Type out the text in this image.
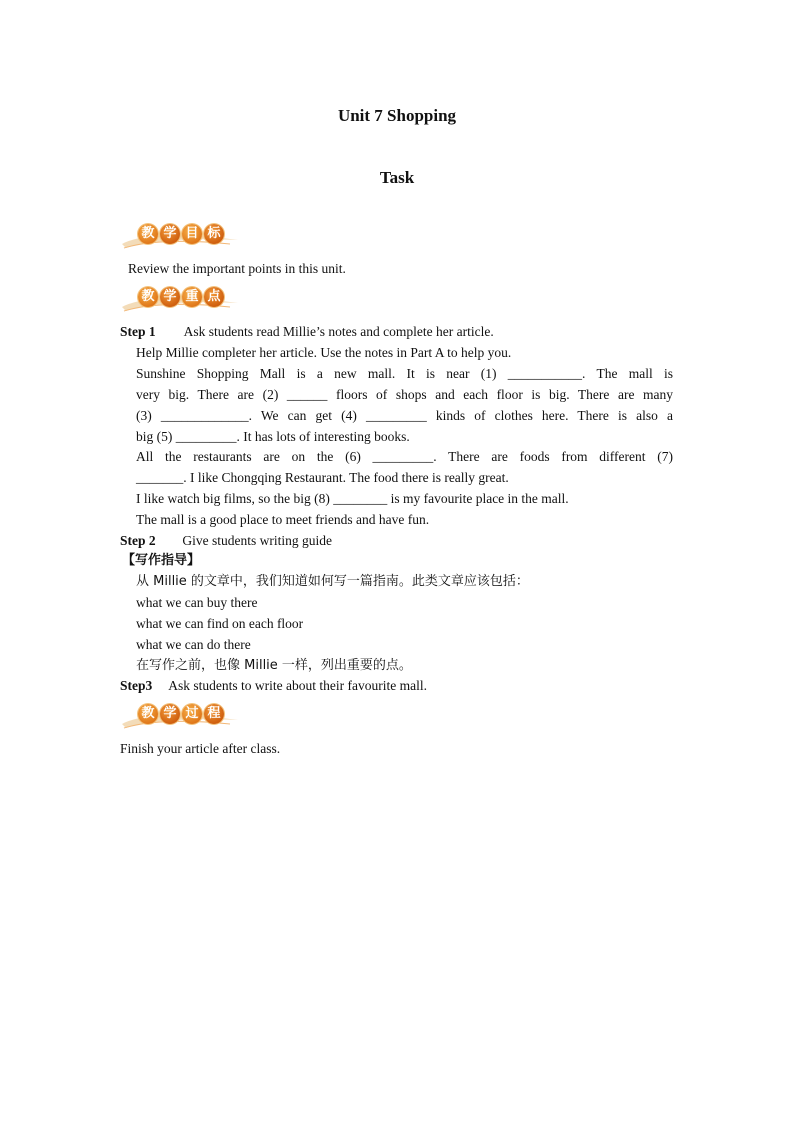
Unit 7 Shopping
Task
教 学 目 标
Review the important points in this unit.
教 学 重 点
Step 1 Ask students read Millie’s notes and complete her article.
Help Millie completer her article. Use the notes in Part A to help you.
Sunshine Shopping Mall is a new mall. It is near (1) ___________. The mall is
very big. There are (2) ______ floors of shops and each floor is big. There are many
(3) _____________. We can get (4) _________ kinds of clothes here. There is also a
big (5) _________. It has lots of interesting books.
All the restaurants are on the (6) _________. There are foods from different (7)
_______. I like Chongqing Restaurant. The food there is really great.
I like watch big films, so the big (8) ________ is my favourite place in the mall.
The mall is a good place to meet friends and have fun.
Step 2 Give students writing guide
【写作指导】
从 Millie 的文章中，我们知道如何写一篇指南。此类文章应该包括：
what we can buy there
what we can find on each floor
what we can do there
在写作之前，也像 Millie 一样，列出重要的点。
Step3 Ask students to write about their favourite mall.
教 学 过 程
Finish your article after class.
